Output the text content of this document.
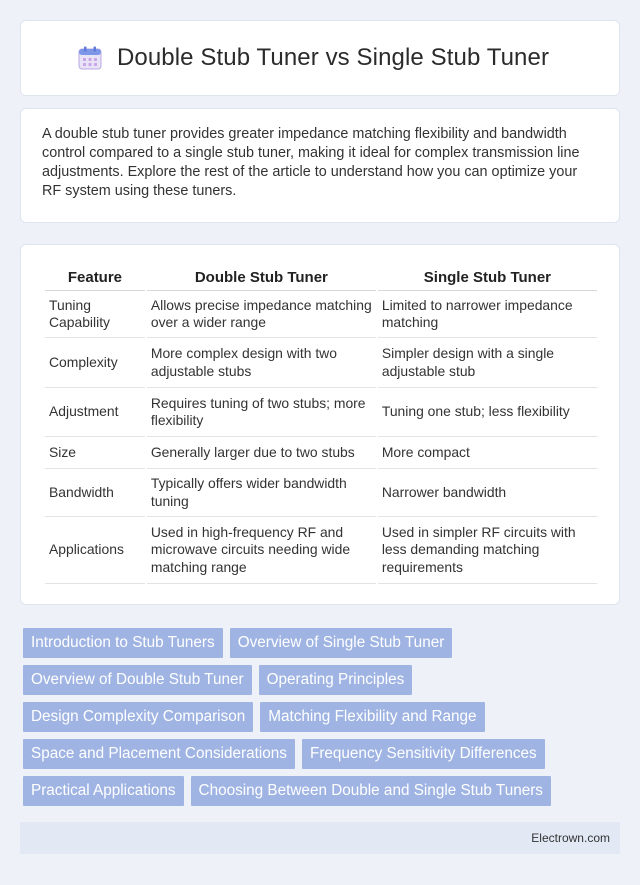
Double Stub Tuner vs Single Stub Tuner

A double stub tuner provides greater impedance matching flexibility and bandwidth control compared to a single stub tuner, making it ideal for complex transmission line adjustments. Explore the rest of the article to understand how you can optimize your RF system using these tuners.

Feature	Double Stub Tuner	Single Stub Tuner
Tuning Capability	Allows precise impedance matching over a wider range	Limited to narrower impedance matching
Complexity	More complex design with two adjustable stubs	Simpler design with a single adjustable stub
Adjustment	Requires tuning of two stubs; more flexibility	Tuning one stub; less flexibility
Size	Generally larger due to two stubs	More compact
Bandwidth	Typically offers wider bandwidth tuning	Narrower bandwidth
Applications	Used in high-frequency RF and microwave circuits needing wide matching range	Used in simpler RF circuits with less demanding matching requirements
Introduction to Stub Tuners	Overview of Single Stub Tuner
Overview of Double Stub Tuner	Operating Principles
Design Complexity Comparison	Matching Flexibility and Range
Space and Placement Considerations	Frequency Sensitivity Differences
Practical Applications	Choosing Between Double and Single Stub Tuners
Electrown.com
